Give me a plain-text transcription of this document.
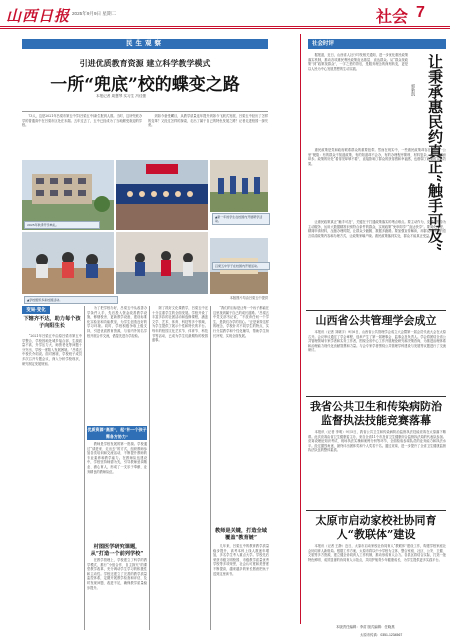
山西日报 2025年9月9日 星期二	社会 7
民生观察
引进优质教育资源 建立科学教学模式
一所“兜底”校的蝶变之路
本报记者 周慧琴 实习生 冯佳蕾
73人，这是2021年吕梁市第五中学(吕梁五中)新生报到人数。当时，这所兜底办学的普通高中在吕梁市区处在末端。五年过去了，五中已经成为了当地颇受欢迎的学校。
到如今备受瞩目，从教学质量连年提升到如今飞跃式发展，吕梁五中经历了怎样的变革？又经过怎样的探索，走出了属于自己的特色发展之路？记者走进校园一探究竟。
2025年秋季开学典礼。
▲新一年的学生在校园内开展研学活动。
▲学校组织多彩校园活动。
吕梁五中学子在校园内开展活动。
本版图片均由吕梁五中提供
变局·变化
下辖齐不达，助力每个孩子向阳生长
“2021年吕梁五中由原吕梁市第五中学整合，学校因地处城乡接合部，生源质量不高，升学压力大，师资老化等问题十分突出，学校一度陷入发展困境。”吕梁五中校长介绍说。面对困境，学校班子成员多次召开专题会议，深入分析学校现状，研究制定发展规划。
为了把学校办好，吕梁五中从改善办学条件入手，先后投入资金改善教学设施，修缮校舍、更新教学设备，建设标准化实验室和功能教室，为学生创造良好的学习环境。同时，学校积极争取上级支持，引进优质教育资源，与省内外知名学校开展合作交流，借鉴先进办学经验。
优质资源“高原”，起“补一个孩子需各方协力”
教师是学校发展的第一资源。学校通过“请进来、走出去”的方式，组织教师参加各类培训和交流活动，不断提升教师的专业素养和教学能力。在教师队伍建设中，学校坚持师德为先，引导教师爱岗敬业、潜心育人，形成了一支乐于奉献、业务精良的教师队伍。
村图医学研究课题，从”打造一个前列学校”
在教学管理上，学校建立了科学的教学模式，推行“小组合作、自主探究”的课堂教学改革，充分调动学生学习的积极性和主动性。学校还建立了完善的教学质量监控体系，定期开展教学检查和评估，及时发现问题、改进不足，确保教学质量稳步提升。
除了抓好文化课教学，吕梁五中还十分注重学生的全面发展。学校开设了丰富多彩的社团活动和选修课程，涵盖文学、艺术、体育、科技等多个领域，为学生提供了展示个性和特长的平台。每年的校园文化艺术节、体育节、科技节等活动，已成为学生们最期待的校园盛事。
“我们的目标是让每一个孩子都能在这里找到属于自己的成长道路。”吕梁五中党支部书记说，“不放弃任何一个学生，是我们办学的初心。”正是秉持这样的理念，学校针对不同学生的特点，实行分层教学和个性化辅导，帮助学生扬长补短，实现全面发展。
教师是关键，打造全域覆盖“教育链”
几年来，吕梁五中的教育教学质量稳步提升，高考本科上线人数逐年增加，多名学生考入重点大学。学校先后荣获市级文明校园、市级教学质量优秀学校等多项荣誉，社会认可度和美誉度不断提高，越来越多的家长愿意把孩子送到这里读书。
社会时评
据报道，近日，山西省人社厅印发相关通知，进一步优化惠民政策落实机制，推动各项惠民利民政策直达基层、直达群众。从“群众找政策”到“政策找群众”，一字之差的背后，是服务理念的深刻转变，更是以人民为中心发展思想的生动实践。
郭新凯 让秉承惠民约真正“触手可及”
惠民政策是党和政府联系群众的重要纽带。然而在现实中，一些惠民政策却存在“最后一公里”梗阻：有的群众不知道政策，有的知道却不会办，有的办理程序繁琐、材料复杂，让群众望而却步。政策的好处“看得见却够不着”，直接影响了群众的获得感和幸福感，也削弱了政策的实际效果。
让惠民政策真正“触手可及”，关键在于打通政策落实的堵点难点。要主动作为，变被动等待为主动服务，运用大数据精准识别符合条件的群众，实现政策“免申即享”“直达快享”。要简化流程，精简申请材料，压缩办理时限，让群众少跑腿、数据多跑路。要加强宣传解读，用群众听得懂的语言讲清政策内容和办理方式，让政策家喻户晓。惠民政策落到实处，群众才能真正受益。
山西省公共管理学会成立
本报讯（记者 刘晓宇）9月6日，山西省公共管理学会成立大会暨第一届会员代表大会在太原召开。会议审议通过了学会章程，选举产生了第一届理事会、监事会及负责人。学会将团结全省公共管理领域专家学者和实务工作者，围绕全省中心工作开展理论研究和决策咨询，为推进治理体系和治理能力现代化贡献智慧和力量。与会专家学者围绕公共管理学科建设与发展等议题进行了交流研讨。
我省公共卫生和传染病防治监督执法技能竞赛落幕
本报讯（记者 李明）9月5日，我省公共卫生和传染病防治监督执法技能竞赛在太原落下帷幕。此次竞赛由省卫生健康委主办，来自全省11个市及省卫生健康综合监督执法局的代表队参加。竞赛设理论知识考试、现场执法实操和案例分析等环节，全面检验参赛队员的业务能力和执法水平。经过激烈角逐，最终评出团体奖和个人奖若干名。通过竞赛，进一步提升了全省卫生健康监督执法队伍的整体素质。
太原市启动家校社协同育人“教联体”建设
本报讯（记者 王静）近日，太原市启动家校社协同育人“教联体”建设工作，构建学校家庭社会协同育人新格局。根据工作方案，太原市将以中小学校为主体，整合家庭、社区、公安、卫健、文旅等多方资源，建立健全协同育人工作机制，推动形成育人合力。各县区将结合实际，打造一批特色鲜明、成效显著的协同育人示范点，共同护航青少年健康成长，为学生提供更多实践平台。
本版责任编辑：李苗 版式编辑：任晓燕
太原市传真：0351-1234567
